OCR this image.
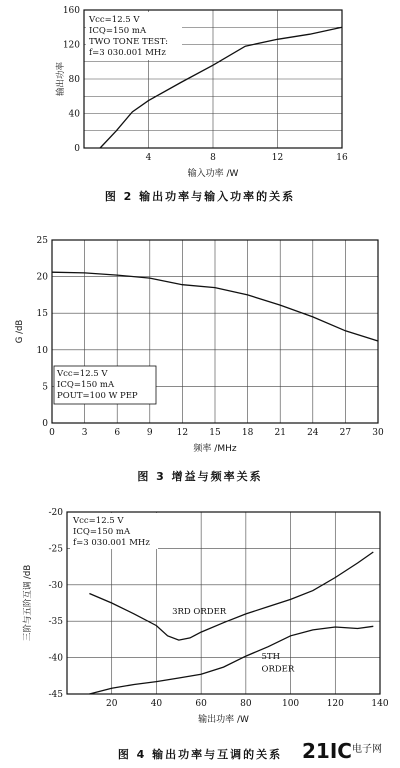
4	8	12	16
160
120
80
40
0
输入功率 /W
输出功率
Vcc=12.5 V
ICQ=150 mA
TWO TONE TEST:
f=3 030.001 MHz
图 2 输出功率与输入功率的关系
0	3	6	9	12 15 18 21 24 27 30
0
5
10
15
20
25
频率 /MHz
G /dB
Vcc=12.5 V
ICQ=150 mA
POUT=100 W PEP
图 3 增益与频率关系
20	40	60	80	100	120	140
-45
-40
-35
-30
-25
-20
输出功率 /W
三阶与五阶互调 /dB
Vcc=12.5 V
ICQ=150 mA
f=3 030.001 MHz
3RD ORDER
5TH
ORDER
图 4 输出功率与互调的关系 21IC 电子网
